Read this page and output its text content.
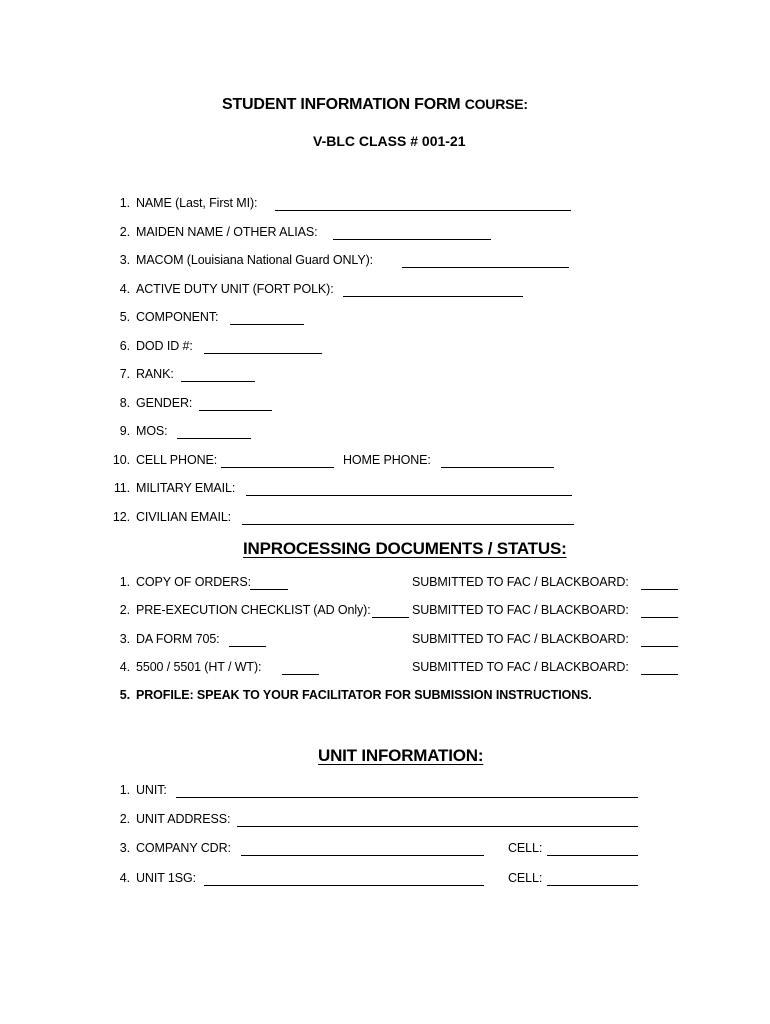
STUDENT INFORMATION FORM COURSE:
V-BLC CLASS # 001-21
1. NAME (Last, First MI):
2. MAIDEN NAME / OTHER ALIAS:
3. MACOM (Louisiana National Guard ONLY):
4. ACTIVE DUTY UNIT (FORT POLK):
5. COMPONENT:
6. DOD ID #:
7. RANK:
8. GENDER:
9. MOS:
10. CELL PHONE:	HOME PHONE:
11. MILITARY EMAIL:
12. CIVILIAN EMAIL:
INPROCESSING DOCUMENTS / STATUS:
1. COPY OF ORDERS:	SUBMITTED TO FAC / BLACKBOARD:
2. PRE-EXECUTION CHECKLIST (AD Only):	SUBMITTED TO FAC / BLACKBOARD:
3. DA FORM 705:	SUBMITTED TO FAC / BLACKBOARD:
4. 5500 / 5501 (HT / WT):	SUBMITTED TO FAC / BLACKBOARD:
5. PROFILE: SPEAK TO YOUR FACILITATOR FOR SUBMISSION INSTRUCTIONS.
UNIT INFORMATION:
1. UNIT:
2. UNIT ADDRESS:
3. COMPANY CDR:	CELL:
4. UNIT 1SG:	CELL:
